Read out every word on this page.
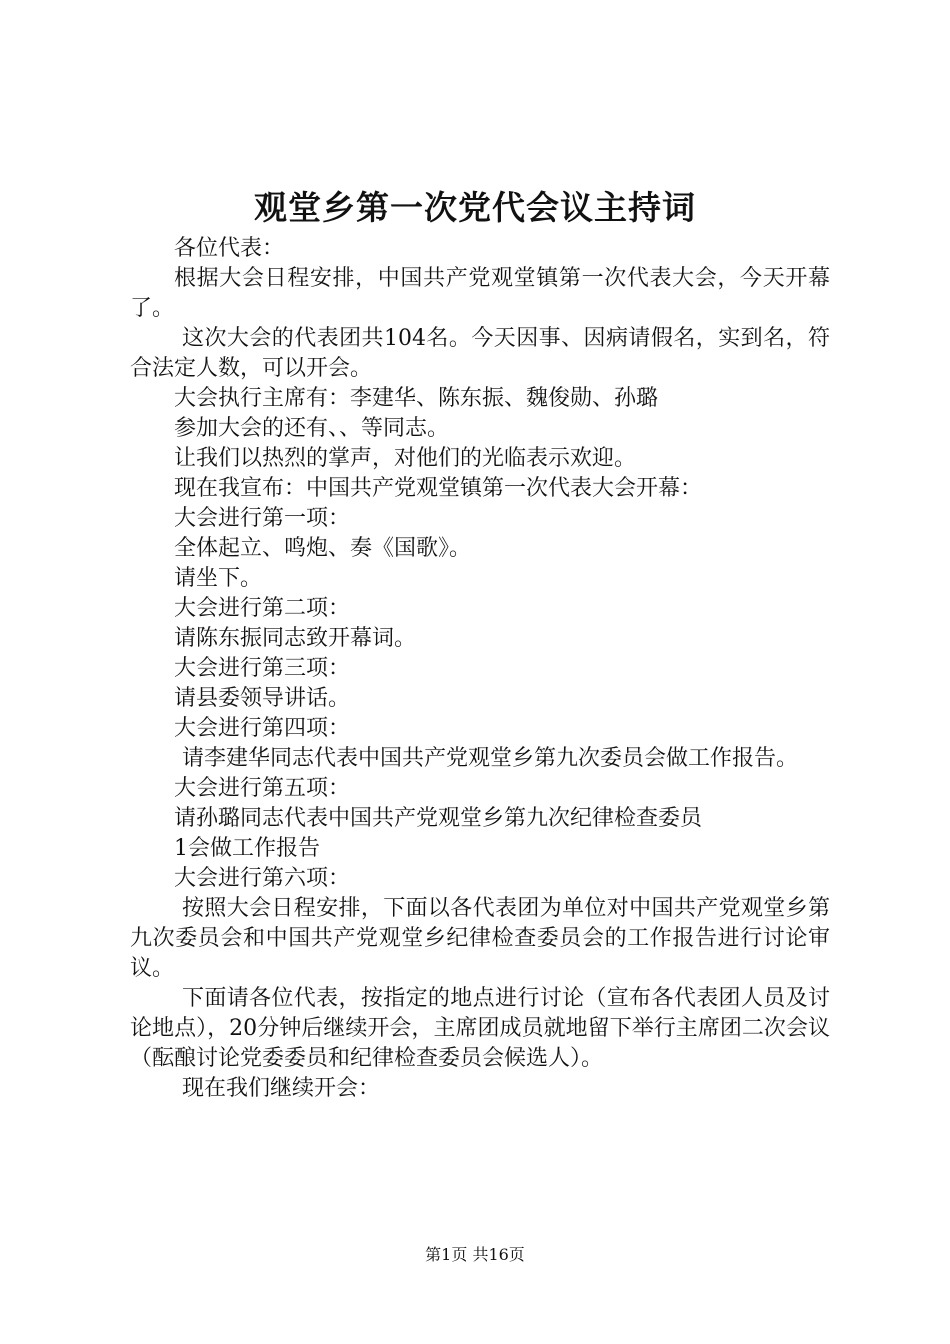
观堂乡第一次党代会议主持词

各位代表：

根据大会日程安排，中国共产党观堂镇第一次代表大会，今天开幕了。

这次大会的代表团共104名。今天因事、因病请假名，实到名，符合法定人数，可以开会。

大会执行主席有：李建华、陈东振、魏俊勋、孙璐

参加大会的还有、、等同志。

让我们以热烈的掌声，对他们的光临表示欢迎。

现在我宣布：中国共产党观堂镇第一次代表大会开幕：

大会进行第一项：

全体起立、鸣炮、奏《国歌》。

请坐下。

大会进行第二项：

请陈东振同志致开幕词。

大会进行第三项：

请县委领导讲话。

大会进行第四项：

请李建华同志代表中国共产党观堂乡第九次委员会做工作报告。

大会进行第五项：

请孙璐同志代表中国共产党观堂乡第九次纪律检查委员

1会做工作报告

大会进行第六项：

按照大会日程安排，下面以各代表团为单位对中国共产党观堂乡第九次委员会和中国共产党观堂乡纪律检查委员会的工作报告进行讨论审议。

下面请各位代表，按指定的地点进行讨论（宣布各代表团人员及讨论地点），20分钟后继续开会，主席团成员就地留下举行主席团二次会议（酝酿讨论党委委员和纪律检查委员会候选人）。

现在我们继续开会：

第1页 共16页
